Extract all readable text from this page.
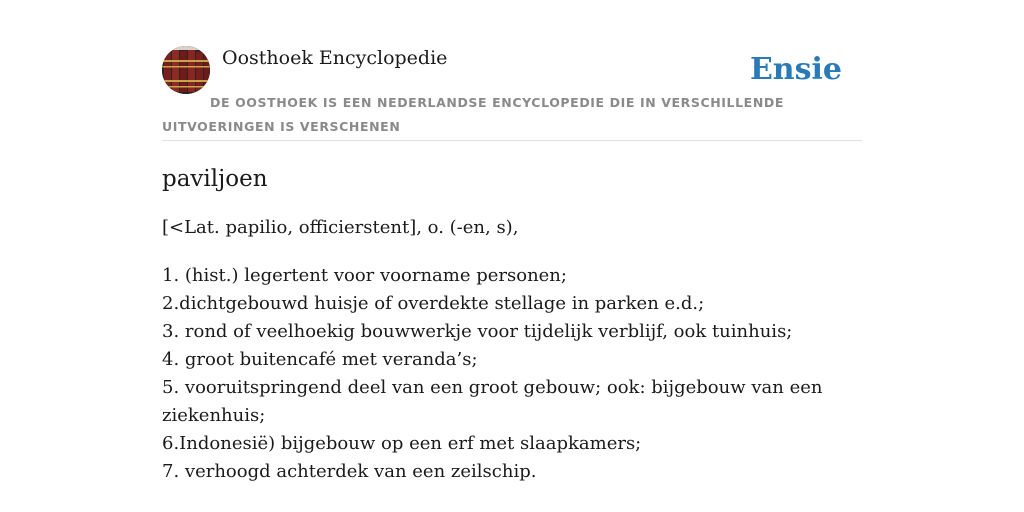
Oosthoek Encyclopedie	Ensie
DE OOSTHOEK IS EEN NEDERLANDSE ENCYCLOPEDIE DIE IN VERSCHILLENDE UITVOERINGEN IS VERSCHENEN
paviljoen

[<Lat. papilio, officierstent], o. (-en, s),

1. (hist.) legertent voor voorname personen;
2.dichtgebouwd huisje of overdekte stellage in parken e.d.;
3. rond of veelhoekig bouwwerkje voor tijdelijk verblijf, ook tuinhuis;
4. groot buitencafé met veranda’s;
5. vooruitspringend deel van een groot gebouw; ook: bijgebouw van een ziekenhuis;
6.Indonesië) bijgebouw op een erf met slaapkamers;
7. verhoogd achterdek van een zeilschip.
